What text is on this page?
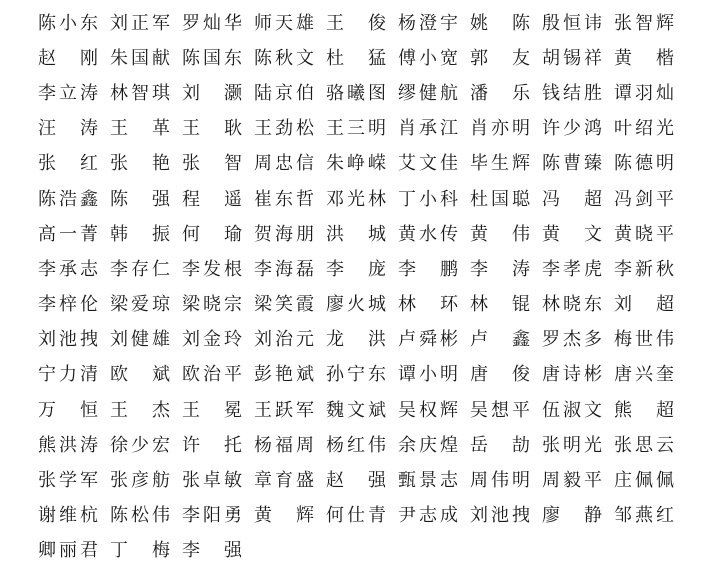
陈 小 东 刘 正 军 罗 灿 华 师 天 雄 王 俊 杨 澄 宇 姚 陈 殷 恒 讳 张 智 辉
赵 刚 朱 国 献 陈 国 东 陈 秋 文 杜 猛 傅 小 宽 郭 友 胡 锡 祥 黄 楷
李 立 涛 林 智 琪 刘 灏 陆 京 伯 骆 曦 图 缪 健 航 潘 乐 钱 结 胜 谭 羽 灿
汪 涛 王 革 王 耿 王 劲 松 王 三 明 肖 承 江 肖 亦 明 许 少 鸿 叶 绍 光
张 红 张 艳 张 智 周 忠 信 朱 峥 嵘 艾 文 佳 毕 生 辉 陈 曹 臻 陈 德 明
陈 浩 鑫 陈 强 程 遥 崔 东 哲 邓 光 林 丁 小 科 杜 国 聪 冯 超 冯 剑 平
高 一 菁 韩 振 何 瑜 贺 海 朋 洪 城 黄 水 传 黄 伟 黄 文 黄 晓 平
李 承 志 李 存 仁 李 发 根 李 海 磊 李 庞 李 鹏 李 涛 李 孝 虎 李 新 秋
李 梓 伦 梁 爱 琼 梁 晓 宗 梁 笑 霞 廖 火 城 林 环 林 锟 林 晓 东 刘 超
刘 池 拽 刘 健 雄 刘 金 玲 刘 治 元 龙 洪 卢 舜 彬 卢 鑫 罗 杰 多 梅 世 伟
宁 力 清 欧 斌 欧 治 平 彭 艳 斌 孙 宁 东 谭 小 明 唐 俊 唐 诗 彬 唐 兴 奎
万 恒 王 杰 王 冕 王 跃 军 魏 文 斌 吴 权 辉 吴 想 平 伍 淑 文 熊 超
熊 洪 涛 徐 少 宏 许 托 杨 福 周 杨 红 伟 余 庆 煌 岳 劼 张 明 光 张 思 云
张 学 军 张 彦 舫 张 卓 敏 章 育 盛 赵 强 甄 景 志 周 伟 明 周 毅 平 庄 佩 佩
谢 维 杭 陈 松 伟 李 阳 勇 黄 辉 何 仕 青 尹 志 成 刘 池 拽 廖 静 邹 燕 红
卿 丽 君 丁 梅 李 强
